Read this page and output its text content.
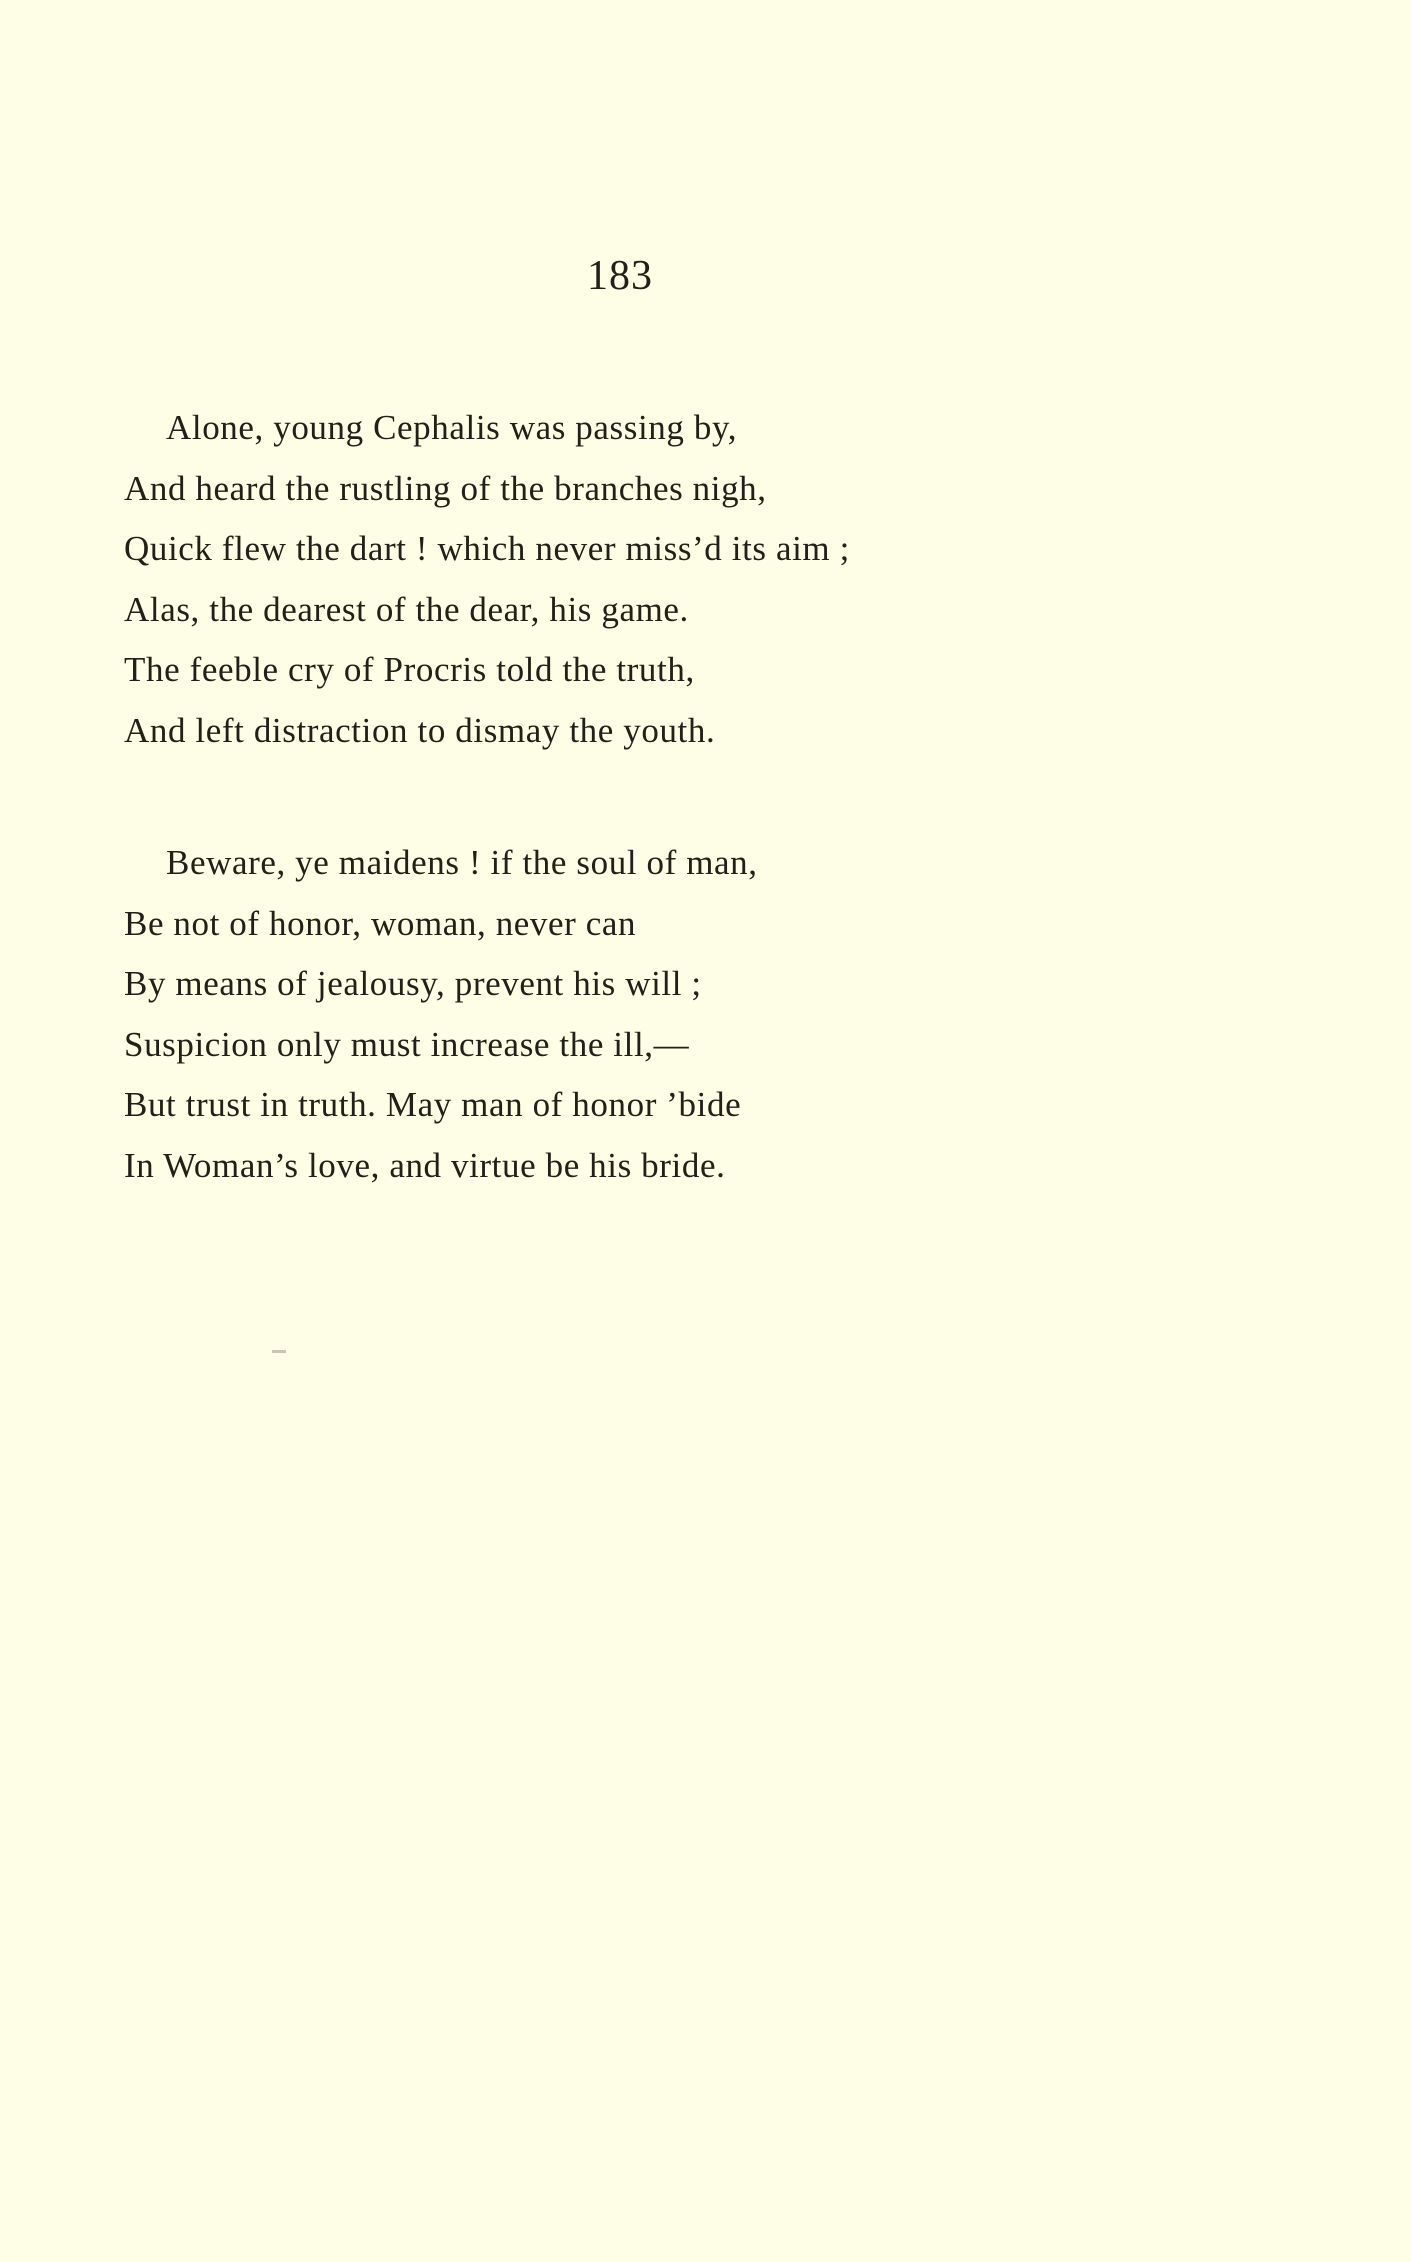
183
Alone, young Cephalis was passing by,
And heard the rustling of the branches nigh,
Quick flew the dart ! which never miss’d its aim ;
Alas, the dearest of the dear, his game.
The feeble cry of Procris told the truth,
And left distraction to dismay the youth.
Beware, ye maidens ! if the soul of man,
Be not of honor, woman, never can
By means of jealousy, prevent his will ;
Suspicion only must increase the ill,—
But trust in truth. May man of honor ’bide
In Woman’s love, and virtue be his bride.
